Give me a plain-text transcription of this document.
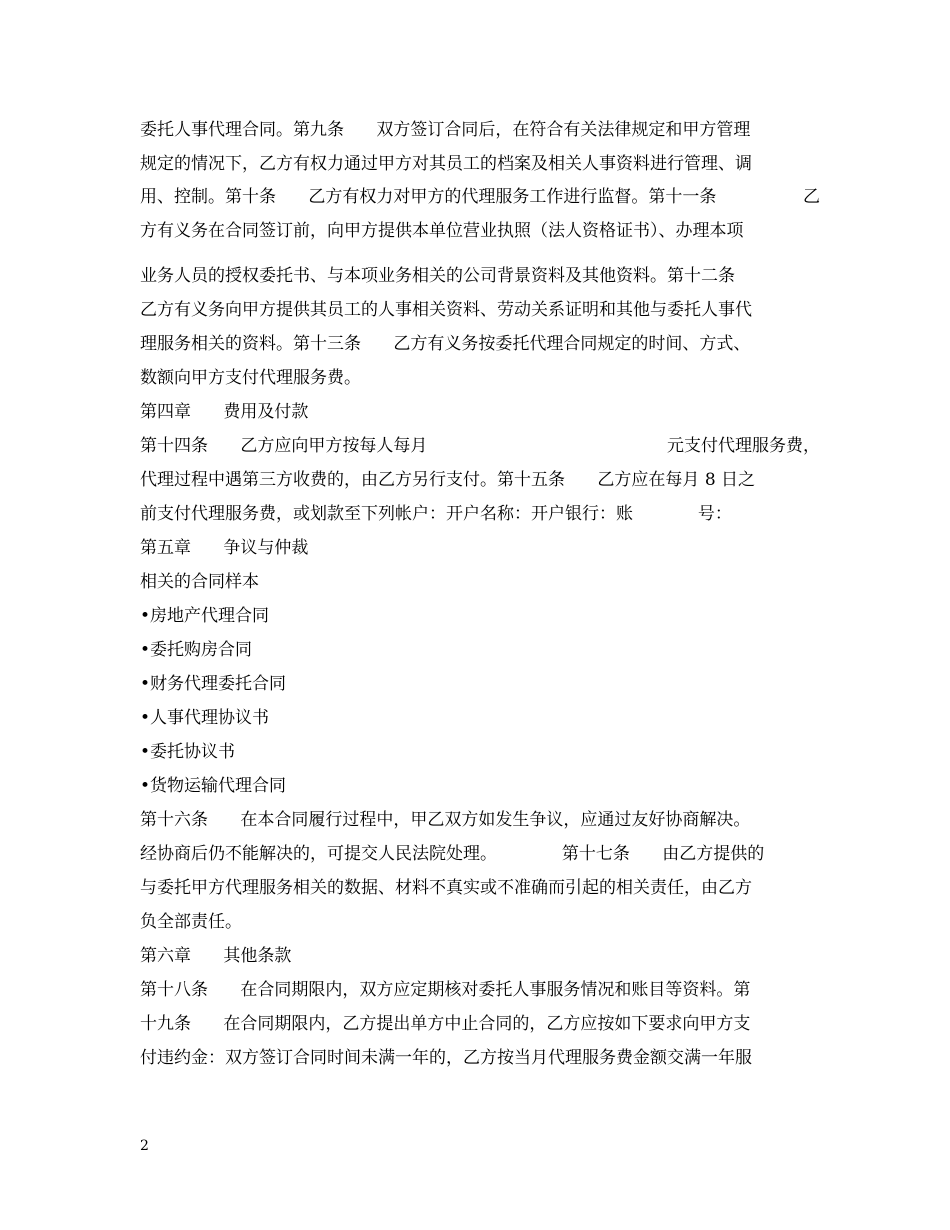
委托人事代理合同。第九条      双方签订合同后，在符合有关法律规定和甲方管理
规定的情况下，乙方有权力通过甲方对其员工的档案及相关人事资料进行管理、调
用、控制。第十条      乙方有权力对甲方的代理服务工作进行监督。第十一条	乙
方有义务在合同签订前，向甲方提供本单位营业执照（法人资格证书）、办理本项
业务人员的授权委托书、与本项业务相关的公司背景资料及其他资料。第十二条
乙方有义务向甲方提供其员工的人事相关资料、劳动关系证明和其他与委托人事代
理服务相关的资料。第十三条      乙方有义务按委托代理合同规定的时间、方式、
数额向甲方支付代理服务费。
第四章      费用及付款
第十四条      乙方应向甲方按每人每月	元支付代理服务费，
代理过程中遇第三方收费的，由乙方另行支付。第十五条      乙方应在每月 8 日之
前支付代理服务费，或划款至下列帐户：开户名称：开户银行：账            号：
第五章      争议与仲裁
相关的合同样本
•房地产代理合同
•委托购房合同
•财务代理委托合同
•人事代理协议书
•委托协议书
•货物运输代理合同
第十六条      在本合同履行过程中，甲乙双方如发生争议，应通过友好协商解决。
经协商后仍不能解决的，可提交人民法院处理。            第十七条      由乙方提供的
与委托甲方代理服务相关的数据、材料不真实或不准确而引起的相关责任，由乙方
负全部责任。
第六章      其他条款
第十八条      在合同期限内，双方应定期核对委托人事服务情况和账目等资料。第
十九条      在合同期限内，乙方提出单方中止合同的，乙方应按如下要求向甲方支
付违约金：双方签订合同时间未满一年的，乙方按当月代理服务费金额交满一年服
2
